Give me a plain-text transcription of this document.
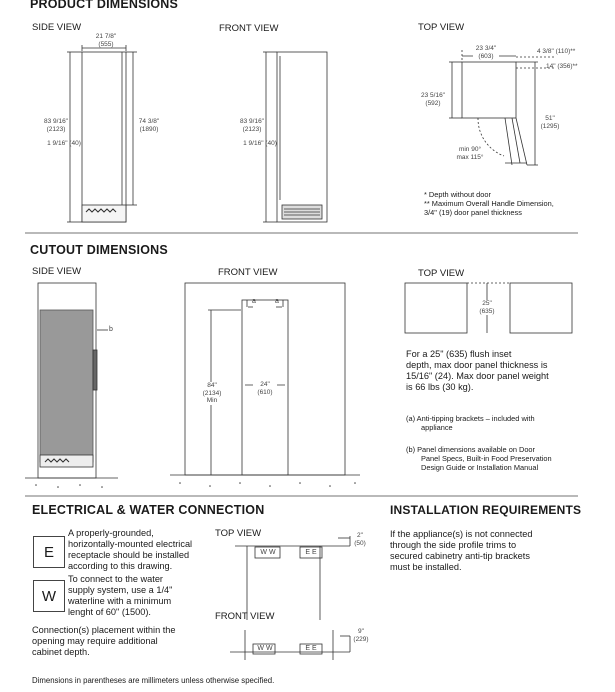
PRODUCT DIMENSIONS
SIDE VIEW	FRONT VIEW	TOP VIEW
21 7/8"
(555)
83 9/16"
(2123)
74 3/8"
(1890)
1 9/16" (40)
83 9/16"
(2123)
1 9/16" (40)
23 3/4"
(603)
4 3/8" (110)**
14" (356)**
23 5/16"
(592)
51"
(1295)
min 90°
max 115°
* Depth without door
** Maximum Overall Handle Dimension,
3/4" (19) door panel thickness
CUTOUT DIMENSIONS
SIDE VIEW	FRONT VIEW	TOP VIEW
b
a	a
84"
(2134)
Min
24"
(610)
25"
(635)
For a 25" (635) flush inset
depth, max door panel thickness is
15/16" (24). Max door panel weight
is 66 lbs (30 kg).
(a) Anti-tipping brackets – included with
appliance
(b) Panel dimensions available on Door
Panel Specs, Built-in Food Preservation
Design Guide or Installation Manual
ELECTRICAL & WATER CONNECTION	INSTALLATION REQUIREMENTS
E
A properly-grounded,
horizontally-mounted electrical
receptacle should be installed
according to this drawing.
W
To connect to the water
supply system, use a 1/4"
waterline with a minimum
lenght of 60" (1500).
Connection(s) placement within the
opening may require additional
cabinet depth.
TOP VIEW
FRONT VIEW
W W	E E
2"
(50)
W W	E E
9"
(229)
If the appliance(s) is not connected
through the side profile trims to
secured cabinetry anti-tip brackets
must be installed.
Dimensions in parentheses are millimeters unless otherwise specified.
